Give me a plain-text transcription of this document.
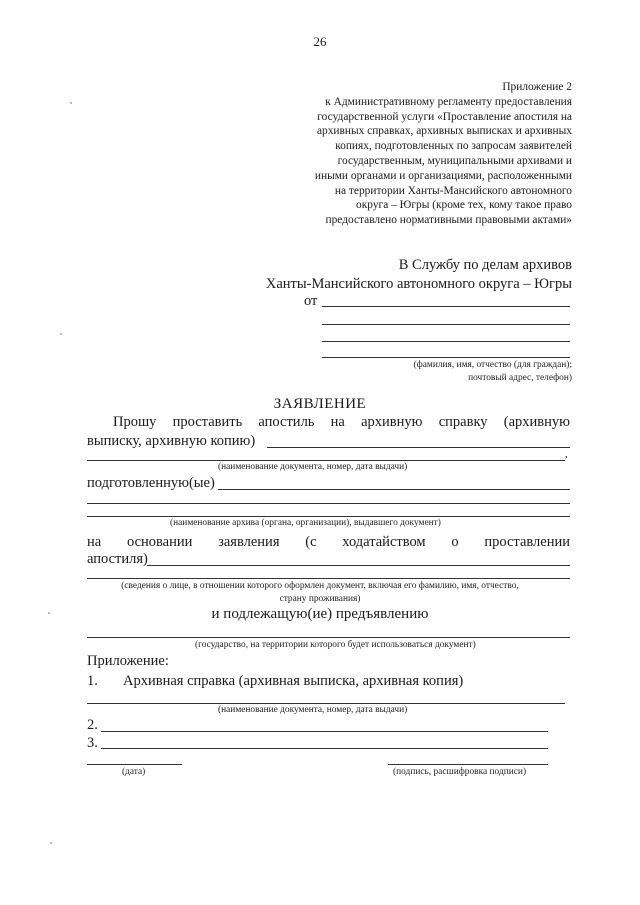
26
Приложение 2
к Административному регламенту предоставления
государственной услуги «Проставление апостиля на
архивных справках, архивных выписках и архивных
копиях, подготовленных по запросам заявителей
государственным, муниципальными архивами и
иными органами и организациями, расположенными
на территории Ханты-Мансийского автономного
округа – Югры (кроме тех, кому такое право
предоставлено нормативными правовыми актами»
В Службу по делам архивов
Ханты-Мансийского автономного округа – Югры
от
(фамилия, имя, отчество (для граждан);
почтовый адрес, телефон)
ЗАЯВЛЕНИЕ
Прошу проставить апостиль на архивную справку (архивную
выписку, архивную копию)
,
(наименование документа, номер, дата выдачи)
подготовленную(ые)
(наименование архива (органа, организации), выдавшего документ)
на основании заявления (с ходатайством о проставлении
апостиля)
(сведения о лице, в отношении которого оформлен документ, включая его фамилию, имя, отчество,
страну проживания)
и подлежащую(ие) предъявлению
(государство, на территории которого будет использоваться документ)
Приложение:
1. Архивная справка (архивная выписка, архивная копия)
(наименование документа, номер, дата выдачи)
2.
3.
(дата)	(подпись, расшифровка подписи)
